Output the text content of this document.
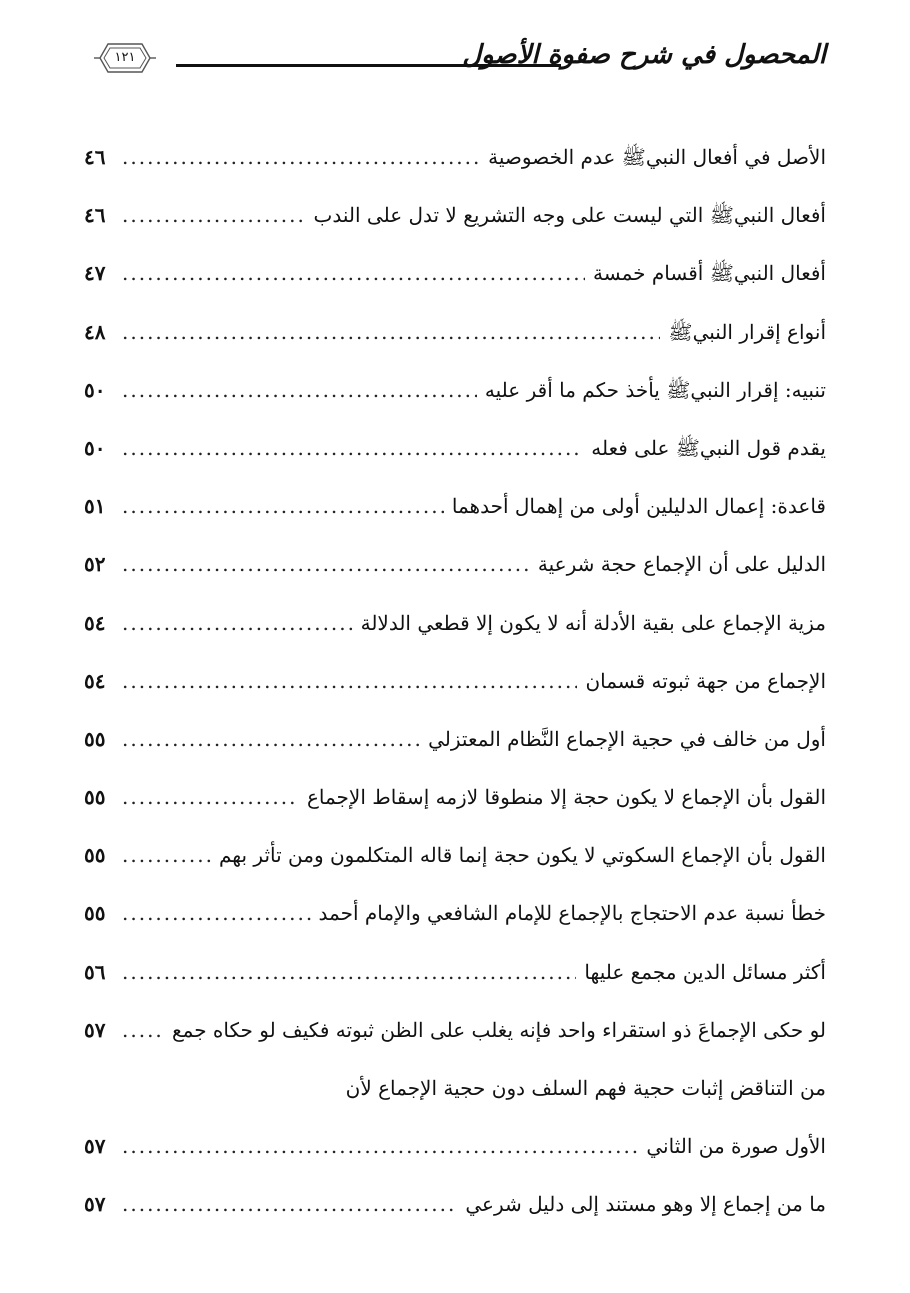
١٢١	المحصول في شرح صفوة الأصول
الأصل في أفعال النبيﷺ عدم الخصوصية
.....
٤٦
أفعال النبيﷺ التي ليست على وجه التشريع لا تدل على الندب
.....
٤٦
أفعال النبيﷺ أقسام خمسة
.....
٤٧
أنواع إقرار النبيﷺ
.....
٤٨
تنبيه: إقرار النبيﷺ يأخذ حكم ما أقر عليه
.....
٥٠
يقدم قول النبيﷺ على فعله
.....
٥٠
قاعدة: إعمال الدليلين أولى من إهمال أحدهما
.....
٥١
الدليل على أن الإجماع حجة شرعية
.....
٥٢
مزية الإجماع على بقية الأدلة أنه لا يكون إلا قطعي الدلالة
.....
٥٤
الإجماع من جهة ثبوته قسمان
.....
٥٤
أول من خالف في حجية الإجماع النَّظام المعتزلي
.....
٥٥
القول بأن الإجماع لا يكون حجة إلا منطوقا لازمه إسقاط الإجماع
.....
٥٥
القول بأن الإجماع السكوتي لا يكون حجة إنما قاله المتكلمون ومن تأثر بهم
.....
٥٥
خطأ نسبة عدم الاحتجاج بالإجماع للإمام الشافعي والإمام أحمد
.....
٥٥
أكثر مسائل الدين مجمع عليها
.....
٥٦
لو حكى الإجماعَ ذو استقراء واحد فإنه يغلب على الظن ثبوته فكيف لو حكاه جمع
.....
٥٧
من التناقض إثبات حجية فهم السلف دون حجية الإجماع لأن
الأول صورة من الثاني
.....
٥٧
ما من إجماع إلا وهو مستند إلى دليل شرعي
.....
٥٧
